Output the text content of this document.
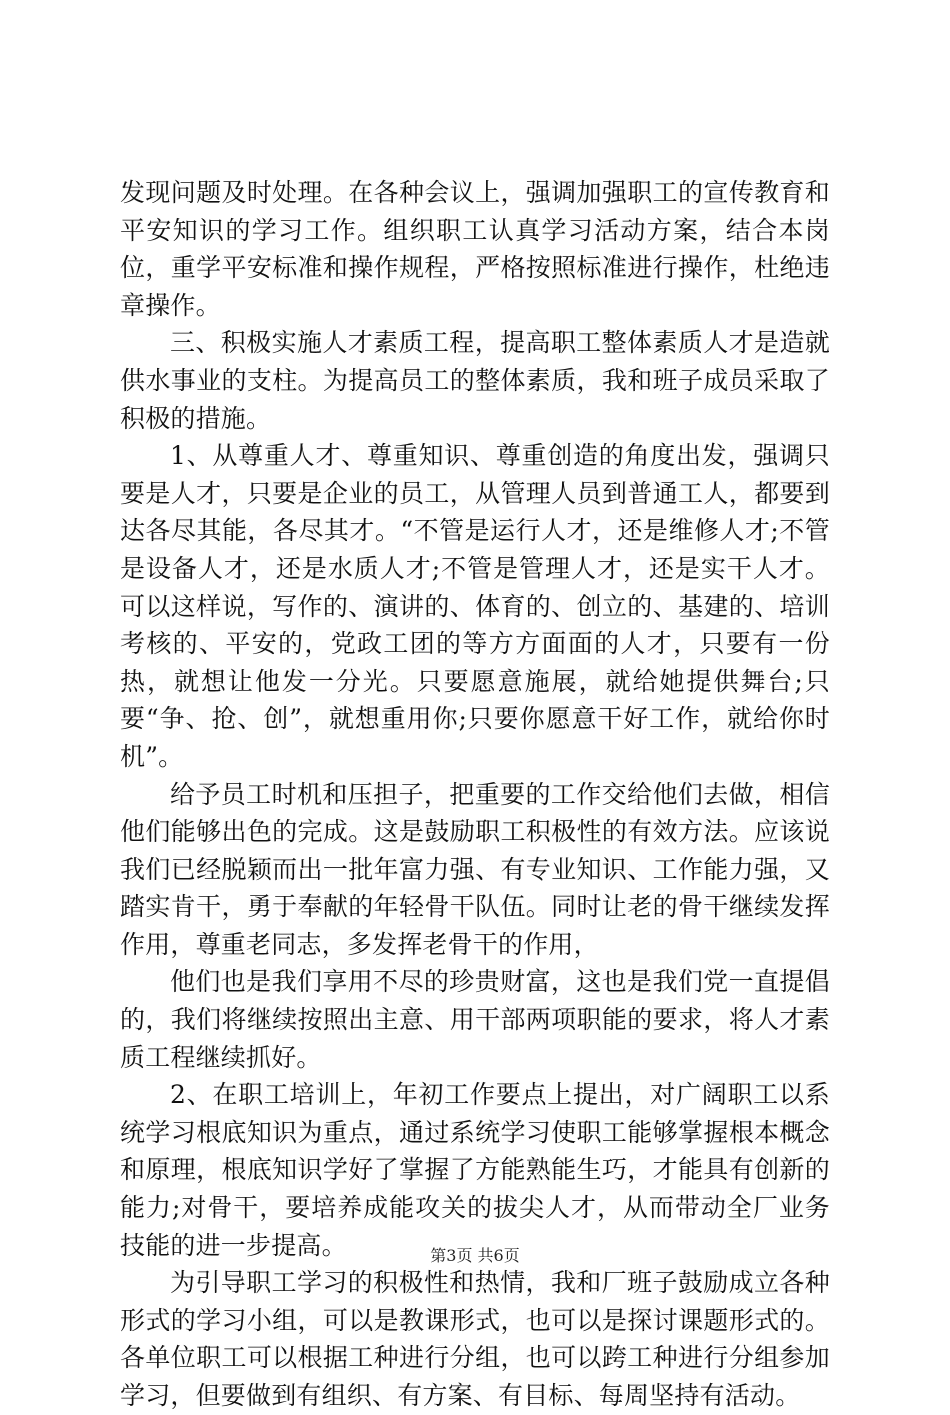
发现问题及时处理。在各种会议上，强调加强职工的宣传教育和平安知识的学习工作。组织职工认真学习活动方案，结合本岗位，重学平安标准和操作规程，严格按照标准进行操作，杜绝违章操作。

三、积极实施人才素质工程，提高职工整体素质人才是造就供水事业的支柱。为提高员工的整体素质，我和班子成员采取了积极的措施。

1、从尊重人才、尊重知识、尊重创造的角度出发，强调只要是人才，只要是企业的员工，从管理人员到普通工人，都要到达各尽其能，各尽其才。“不管是运行人才，还是维修人才;不管是设备人才，还是水质人才;不管是管理人才，还是实干人才。可以这样说，写作的、演讲的、体育的、创立的、基建的、培训考核的、平安的，党政工团的等方方面面的人才，只要有一份热，就想让他发一分光。只要愿意施展，就给她提供舞台;只要“争、抢、创”，就想重用你;只要你愿意干好工作，就给你时机”。

给予员工时机和压担子，把重要的工作交给他们去做，相信他们能够出色的完成。这是鼓励职工积极性的有效方法。应该说我们已经脱颖而出一批年富力强、有专业知识、工作能力强，又踏实肯干，勇于奉献的年轻骨干队伍。同时让老的骨干继续发挥作用，尊重老同志，多发挥老骨干的作用，

他们也是我们享用不尽的珍贵财富，这也是我们党一直提倡的，我们将继续按照出主意、用干部两项职能的要求，将人才素质工程继续抓好。

2、在职工培训上，年初工作要点上提出，对广阔职工以系统学习根底知识为重点，通过系统学习使职工能够掌握根本概念和原理，根底知识学好了掌握了方能熟能生巧，才能具有创新的能力;对骨干，要培养成能攻关的拔尖人才，从而带动全厂业务技能的进一步提高。

为引导职工学习的积极性和热情，我和厂班子鼓励成立各种形式的学习小组，可以是教课形式，也可以是探讨课题形式的。各单位职工可以根据工种进行分组，也可以跨工种进行分组参加学习，但要做到有组织、有方案、有目标、每周坚持有活动。

第3页 共6页
